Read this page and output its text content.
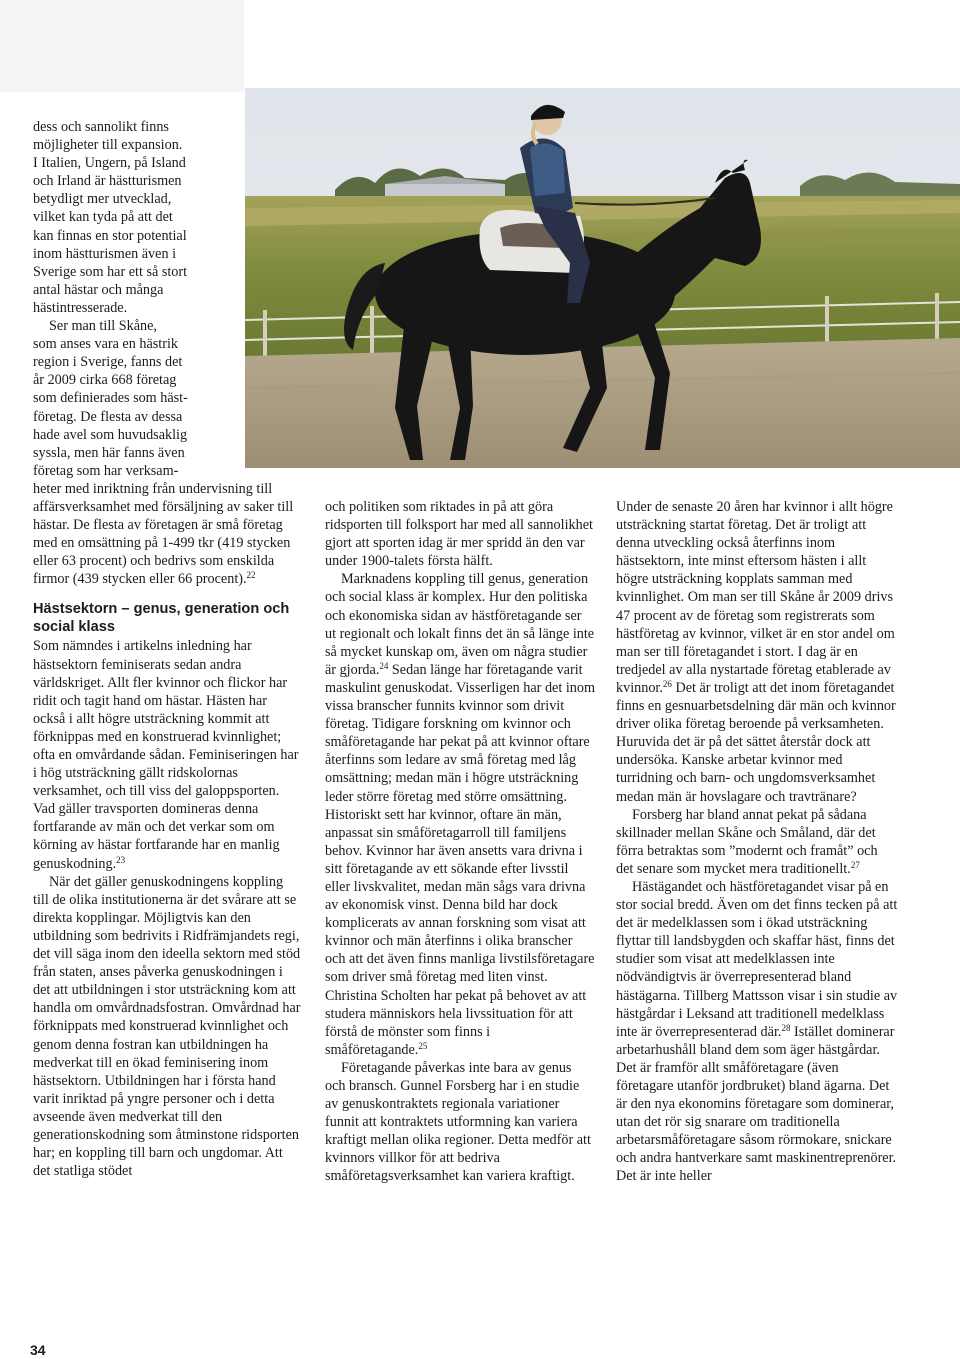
dess och sannolikt finns
möjligheter till expansion.
I Italien, Ungern, på Island
och Irland är hästturismen
betydligt mer utvecklad,
vilket kan tyda på att det
kan finnas en stor potential
inom hästturismen även i
Sverige som har ett så stort
antal hästar och många
hästintresserade.

Ser man till Skåne,
som anses vara en hästrik
region i Sverige, fanns det
år 2009 cirka 668 företag
som definierades som häst-
företag. De flesta av dessa
hade avel som huvudsaklig
syssla, men här fanns även
företag som har verksam-

heter med inriktning från undervisning till affärsverksamhet med försäljning av saker till hästar. De flesta av företagen är små företag med en omsättning på 1-499 tkr (419 stycken eller 63 procent) och bedrivs som enskilda firmor (439 stycken eller 66 procent).$^{22}$

Hästsektorn – genus, generation och social klass

Som nämndes i artikelns inledning har hästsektorn feminiserats sedan andra världskriget. Allt fler kvinnor och flickor har ridit och tagit hand om hästar. Hästen har också i allt högre utsträckning kommit att förknippas med en konstruerad kvinnlighet; ofta en omvårdande sådan. Feminiseringen har i hög utsträckning gällt ridskolornas verksamhet, och till viss del galoppsporten. Vad gäller travsporten domineras denna fortfarande av män och det verkar som om körning av hästar fortfarande har en manlig genuskodning.$^{23}$

När det gäller genuskodningens koppling till de olika institutionerna är det svårare att se direkta kopplingar. Möjligtvis kan den utbildning som bedrivits i Ridfrämjandets regi, det vill säga inom den ideella sektorn med stöd från staten, anses påverka genuskodningen i det att utbildningen i stor utsträckning kom att handla om omvårdnadsfostran. Omvårdnad har förknippats med konstruerad kvinnlighet och genom denna fostran kan utbildningen ha medverkat till en ökad feminisering inom hästsektorn. Utbildningen har i första hand varit inriktad på yngre personer och i detta avseende även medverkat till den generationskodning som åtminstone ridsporten har; en koppling till barn och ungdomar. Att det statliga stödet

och politiken som riktades in på att göra ridsporten till folksport har med all sannolikhet gjort att sporten idag är mer spridd än den var under 1900-talets första hälft.

Marknadens koppling till genus, generation och social klass är komplex. Hur den politiska och ekonomiska sidan av hästföretagande ser ut regionalt och lokalt finns det än så länge inte så mycket kunskap om, även om några studier är gjorda.$^{24}$ Sedan länge har företagande varit maskulint genuskodat. Visserligen har det inom vissa branscher funnits kvinnor som drivit företag. Tidigare forskning om kvinnor och småföretagande har pekat på att kvinnor oftare återfinns som ledare av små företag med låg omsättning; medan män i högre utsträckning leder större företag med större omsättning. Historiskt sett har kvinnor, oftare än män, anpassat sin småföretagarroll till familjens behov. Kvinnor har även ansetts vara drivna i sitt företagande av ett sökande efter livsstil eller livskvalitet, medan män sågs vara drivna av ekonomisk vinst. Denna bild har dock komplicerats av annan forskning som visat att kvinnor och män återfinns i olika branscher och att det även finns manliga livstilsföretagare som driver små företag med liten vinst. Christina Scholten har pekat på behovet av att studera människors hela livssituation för att förstå de mönster som finns i småföretagande.$^{25}$

Företagande påverkas inte bara av genus och bransch. Gunnel Forsberg har i en studie av genuskontraktets regionala variationer funnit att kontraktets utformning kan variera kraftigt mellan olika regioner. Detta medför att kvinnors villkor för att bedriva småföretagsverksamhet kan variera kraftigt.

Under de senaste 20 åren har kvinnor i allt högre utsträckning startat företag. Det är troligt att denna utveckling också återfinns inom hästsektorn, inte minst eftersom hästen i allt högre utsträckning kopplats samman med kvinnlighet. Om man ser till Skåne år 2009 drivs 47 procent av de företag som registrerats som hästföretag av kvinnor, vilket är en stor andel om man ser till företagandet i stort. I dag är en tredjedel av alla nystartade företag etablerade av kvinnor.$^{26}$ Det är troligt att det inom företagandet finns en gesnuarbetsdelning där män och kvinnor driver olika företag beroende på verksamheten. Huruvida det är på det sättet återstår dock att undersöka. Kanske arbetar kvinnor med turridning och barn- och ungdomsverksamhet medan män är hovslagare och travtränare?

Forsberg har bland annat pekat på sådana skillnader mellan Skåne och Småland, där det förra betraktas som ”modernt och framåt” och det senare som mycket mera traditionellt.$^{27}$

Hästägandet och hästföretagandet visar på en stor social bredd. Även om det finns tecken på att det är medelklassen som i ökad utsträckning flyttar till landsbygden och skaffar häst, finns det studier som visat att medelklassen inte nödvändigtvis är överrepresenterad bland hästägarna. Tillberg Mattsson visar i sin studie av hästgårdar i Leksand att traditionell medelklass inte är överrepresenterad där.$^{28}$ Istället dominerar arbetarhushåll bland dem som äger hästgårdar. Det är framför allt småföretagare (även företagare utanför jordbruket) bland ägarna. Det är den nya ekonomins företagare som dominerar, utan det rör sig snarare om traditionella arbetarsmåföretagare såsom rörmokare, snickare och andra hantverkare samt maskinentreprenörer. Det är inte heller

34
